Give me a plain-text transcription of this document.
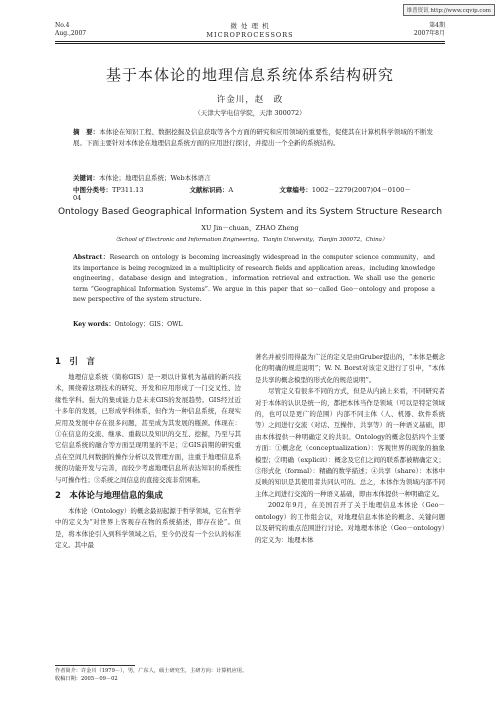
维普资讯 http://www.cqvip.com
No.4
Aug.,2007
微 处 理 机
MICROPROCESSORS
第4期
2007年8月
基于本体论的地理信息系统体系结构研究
许金川，赵　政
（天津大学电信学院，天津 300072）
摘　要：本体论在知识工程、数据挖掘及信息获取等各个方面的研究和应用领域的重要性，促使其在计算机科学领域的不断发展。下面主要针对本体论在地理信息系统方面的应用进行探讨，并提出一个全新的系统结构。
关键词：本体论；地理信息系统；Web本体语言
中图分类号：TP311.13	文献标识码：A	文章编号：1002－2279(2007)04－0100－04
Ontology Based Geographical Information System and its System Structure Research
XU Jin－chuan，ZHAO Zheng
（School of Electronic and Information Engineering，Tianjin University，Tianjin 300072，China）
Abstract：Research on ontology is becoming increasingly widespread in the computer science community，and its importance is being recognized in a multiplicity of research fields and application areas，including knowledge engineering，database design and integration，information retrieval and extraction. We shall use the generic term “Geographical Information Systems”. We argue in this paper that so－called Geo－ontology and propose a new perspective of the system structure.
Key words：Ontology；GIS；OWL

1　引　言

地理信息系统（简称GIS）是一项以计算机为基础的新兴技术，围绕着这项技术的研究、开发和应用形成了一门交叉性、边缘性学科。强大的集成能力是未来GIS的发展趋势。GIS经过近十多年的发展，已形成学科体系，但作为一种信息系统，在现实应用及发展中存在很多问题，甚至成为其发展的瓶颈。体现在：①在信息的交流、继承、重载以及知识的交互、挖掘，乃至与其它信息系统的融合等方面呈现明显的不足；②GIS前期的研究重点在空间几何数据的操作分析以及管理方面，注重于地理信息系统的功能开发与完善，而较少考虑地理信息所表达知识的系统性与可操作性；③系统之间信息的直接交流非常困难。

2　本体论与地理信息的集成

本体论（Ontology）的概念最初起源于哲学领域，它在哲学中的定义为“对世界上客观存在物的系统描述，即存在论”。但是，将本体论引入到科学领域之后，至今仍没有一个公认的标准定义。其中最

著名并被引用得最为广泛的定义是由Gruber提出的，“本体是概念化的明确的规范说明”；W. N. Borst对该定义进行了引申，“本体是共享的概念模型的形式化的规范说明”。

尽管定义有很多不同的方式，但是从内涵上来看，不同研究者对于本体的认识是统一的，都把本体当作是领域（可以是特定领域的，也可以是更广的范围）内部不同主体（人、机器、软件系统等）之间进行交流（对话、互操作、共享等）的一种语义基础，即由本体提供一种明确定义的共识。Ontology的概念包括四个主要方面：①概念化（conceptualization）：客观世界的现象的抽象模型；②明确（explicit）：概念及它们之间的联系都被精确定义；③形式化（formal）：精确的数学描述；④共享（share）：本体中反映的知识是其使用者共同认可的。总之，本体作为领域内部不同主体之间进行交流的一种语义基础，即由本体提供一种明确定义。

2002年9月，在美国召开了关于地理信息本体论（Geo－ontology）的工作组会议，对地理信息本体论的概念、关键问题以及研究的重点范围进行讨论。对地理本体论（Geo－ontology）的定义为：地理本体

作者简介：许金川（1979－），男，广东人，硕士研究生，主研方向：计算机应用。
收稿日期：2005－09－02
